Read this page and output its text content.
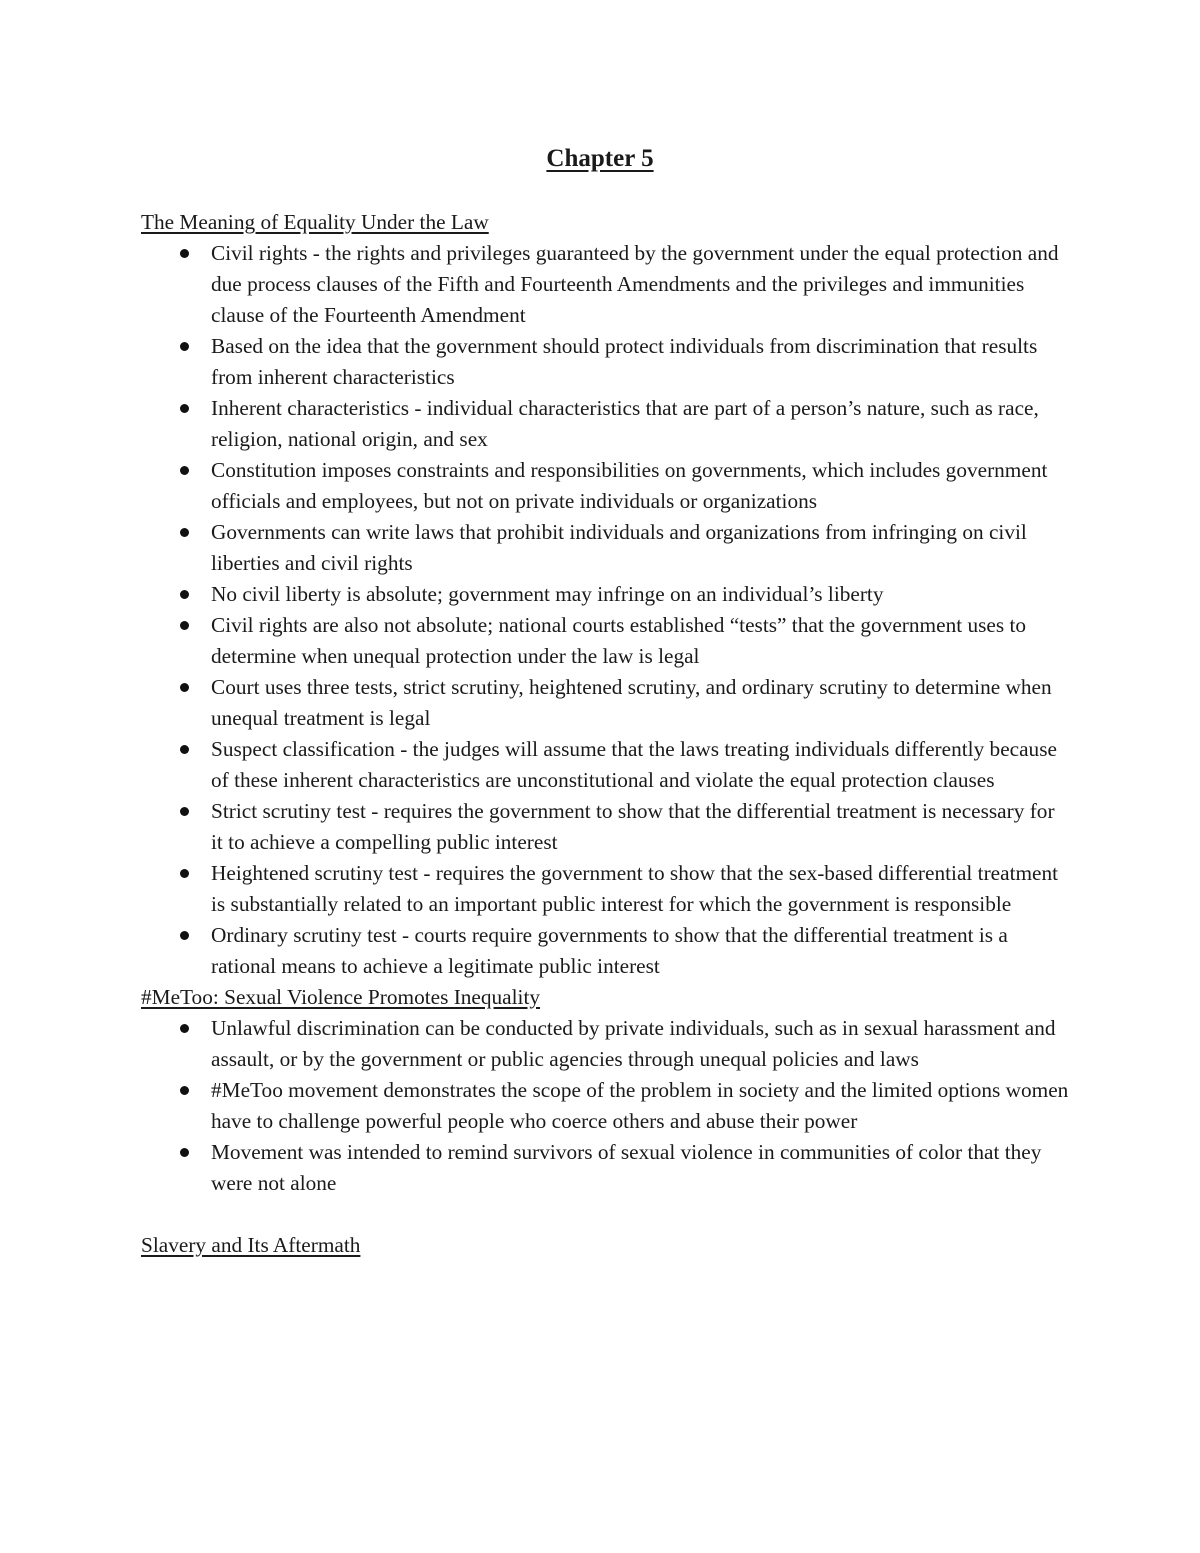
Chapter 5
The Meaning of Equality Under the Law
Civil rights - the rights and privileges guaranteed by the government under the equal protection and due process clauses of the Fifth and Fourteenth Amendments and the privileges and immunities clause of the Fourteenth Amendment
Based on the idea that the government should protect individuals from discrimination that results from inherent characteristics
Inherent characteristics - individual characteristics that are part of a person’s nature, such as race, religion, national origin, and sex
Constitution imposes constraints and responsibilities on governments, which includes government officials and employees, but not on private individuals or organizations
Governments can write laws that prohibit individuals and organizations from infringing on civil liberties and civil rights
No civil liberty is absolute; government may infringe on an individual’s liberty
Civil rights are also not absolute; national courts established “tests” that the government uses to determine when unequal protection under the law is legal
Court uses three tests, strict scrutiny, heightened scrutiny, and ordinary scrutiny to determine when unequal treatment is legal
Suspect classification - the judges will assume that the laws treating individuals differently because of these inherent characteristics are unconstitutional and violate the equal protection clauses
Strict scrutiny test - requires the government to show that the differential treatment is necessary for it to achieve a compelling public interest
Heightened scrutiny test - requires the government to show that the sex-based differential treatment is substantially related to an important public interest for which the government is responsible
Ordinary scrutiny test - courts require governments to show that the differential treatment is a rational means to achieve a legitimate public interest
#MeToo: Sexual Violence Promotes Inequality
Unlawful discrimination can be conducted by private individuals, such as in sexual harassment and assault, or by the government or public agencies through unequal policies and laws
#MeToo movement demonstrates the scope of the problem in society and the limited options women have to challenge powerful people who coerce others and abuse their power
Movement was intended to remind survivors of sexual violence in communities of color that they were not alone
Slavery and Its Aftermath
